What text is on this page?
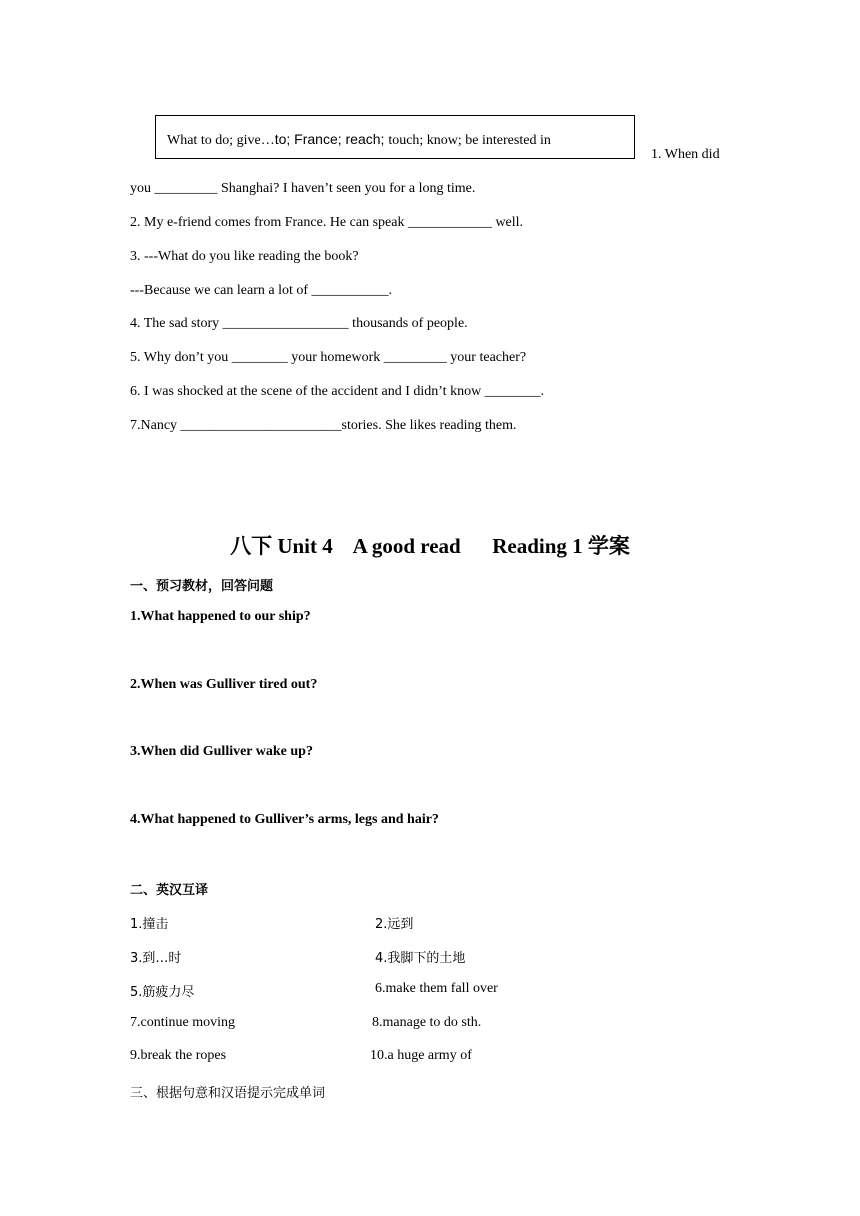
What to do; give…to; France; reach; touch; know; be interested in
1. When did
you _________ Shanghai? I haven’t seen you for a long time.
2. My e-friend comes from France. He can speak ____________ well.
3. ---What do you like reading the book?
---Because we can learn a lot of ___________.
4. The sad story __________________ thousands of people.
5. Why don’t you ________ your homework _________ your teacher?
6. I was shocked at the scene of the accident and I didn’t know ________.
7.Nancy _______________________stories. She likes reading them.
八下 Unit 4    A good read      Reading 1 学案
一、预习教材，回答问题
1.What happened to our ship?
2.When was Gulliver tired out?
3.When did Gulliver wake up?
4.What happened to Gulliver’s arms, legs and hair?
二、英汉互译
1.撞击	2.远到
3.到…时	4.我脚下的土地
5.筋疲力尽	6.make them fall over
7.continue moving	8.manage to do sth.
9.break the ropes	10.a huge army of
三、根据句意和汉语提示完成单词
